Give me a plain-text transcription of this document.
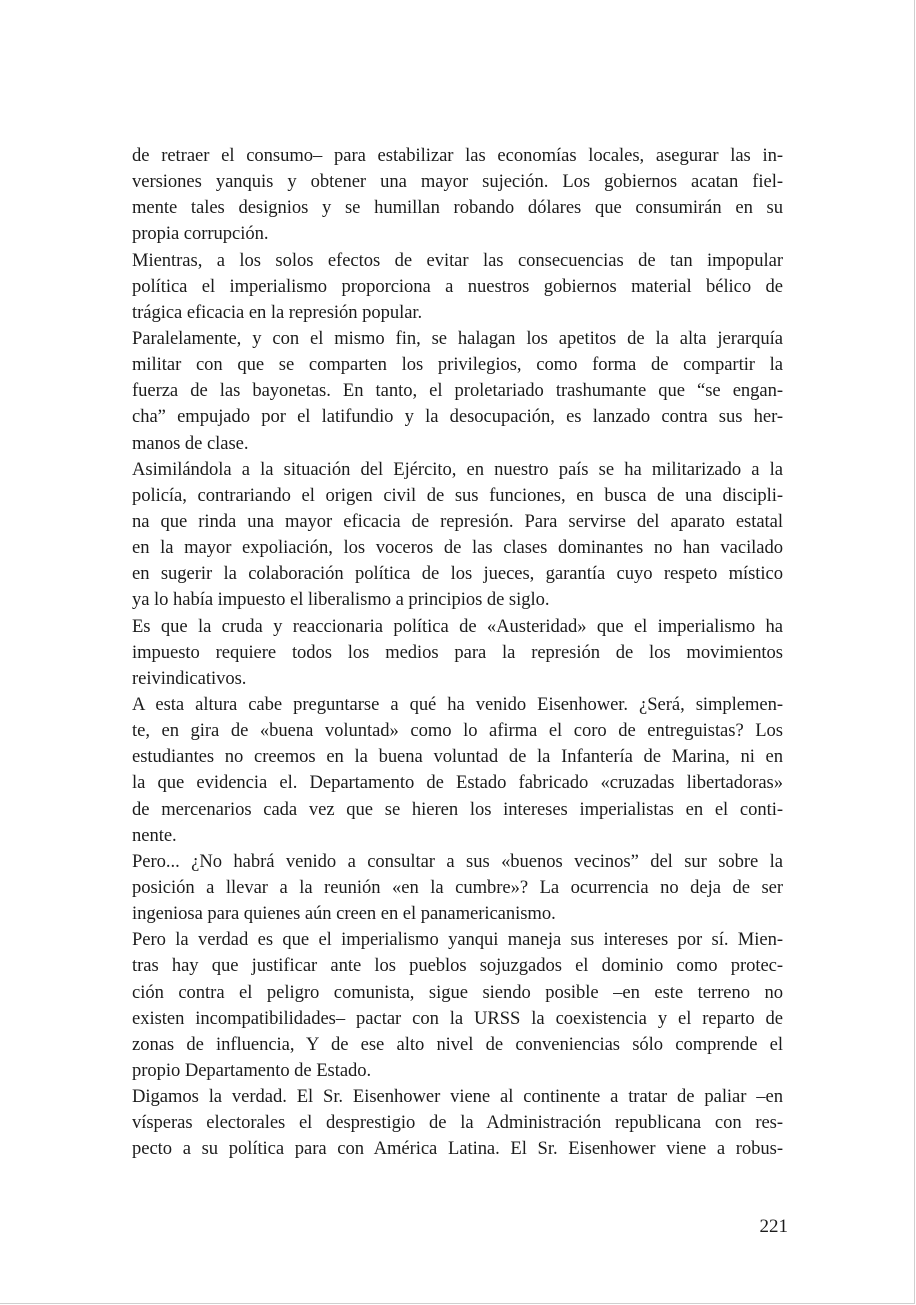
de retraer el consumo– para estabilizar las economías locales, asegurar las in-
versiones yanquis y obtener una mayor sujeción. Los gobiernos acatan fiel-
mente tales designios y se humillan robando dólares que consumirán en su
propia corrupción.
Mientras, a los solos efectos de evitar las consecuencias de tan impopular
política el imperialismo proporciona a nuestros gobiernos material bélico de
trágica eficacia en la represión popular.
Paralelamente, y con el mismo fin, se halagan los apetitos de la alta jerarquía
militar con que se comparten los privilegios, como forma de compartir la
fuerza de las bayonetas. En tanto, el proletariado trashumante que “se engan-
cha” empujado por el latifundio y la desocupación, es lanzado contra sus her-
manos de clase.
Asimilándola a la situación del Ejército, en nuestro país se ha militarizado a la
policía, contrariando el origen civil de sus funciones, en busca de una discipli-
na que rinda una mayor eficacia de represión. Para servirse del aparato estatal
en la mayor expoliación, los voceros de las clases dominantes no han vacilado
en sugerir la colaboración política de los jueces, garantía cuyo respeto místico
ya lo había impuesto el liberalismo a principios de siglo.
Es que la cruda y reaccionaria política de «Austeridad» que el imperialismo ha
impuesto requiere todos los medios para la represión de los movimientos
reivindicativos.
A esta altura cabe preguntarse a qué ha venido Eisenhower. ¿Será, simplemen-
te, en gira de «buena voluntad» como lo afirma el coro de entreguistas? Los
estudiantes no creemos en la buena voluntad de la Infantería de Marina, ni en
la que evidencia el. Departamento de Estado fabricado «cruzadas libertadoras»
de mercenarios cada vez que se hieren los intereses imperialistas en el conti-
nente.
Pero... ¿No habrá venido a consultar a sus «buenos vecinos” del sur sobre la
posición a llevar a la reunión «en la cumbre»? La ocurrencia no deja de ser
ingeniosa para quienes aún creen en el panamericanismo.
Pero la verdad es que el imperialismo yanqui maneja sus intereses por sí. Mien-
tras hay que justificar ante los pueblos sojuzgados el dominio como protec-
ción contra el peligro comunista, sigue siendo posible –en este terreno no
existen incompatibilidades– pactar con la URSS la coexistencia y el reparto de
zonas de influencia, Y de ese alto nivel de conveniencias sólo comprende el
propio Departamento de Estado.
Digamos la verdad. El Sr. Eisenhower viene al continente a tratar de paliar –en
vísperas electorales el desprestigio de la Administración republicana con res-
pecto a su política para con América Latina. El Sr. Eisenhower viene a robus-
221
